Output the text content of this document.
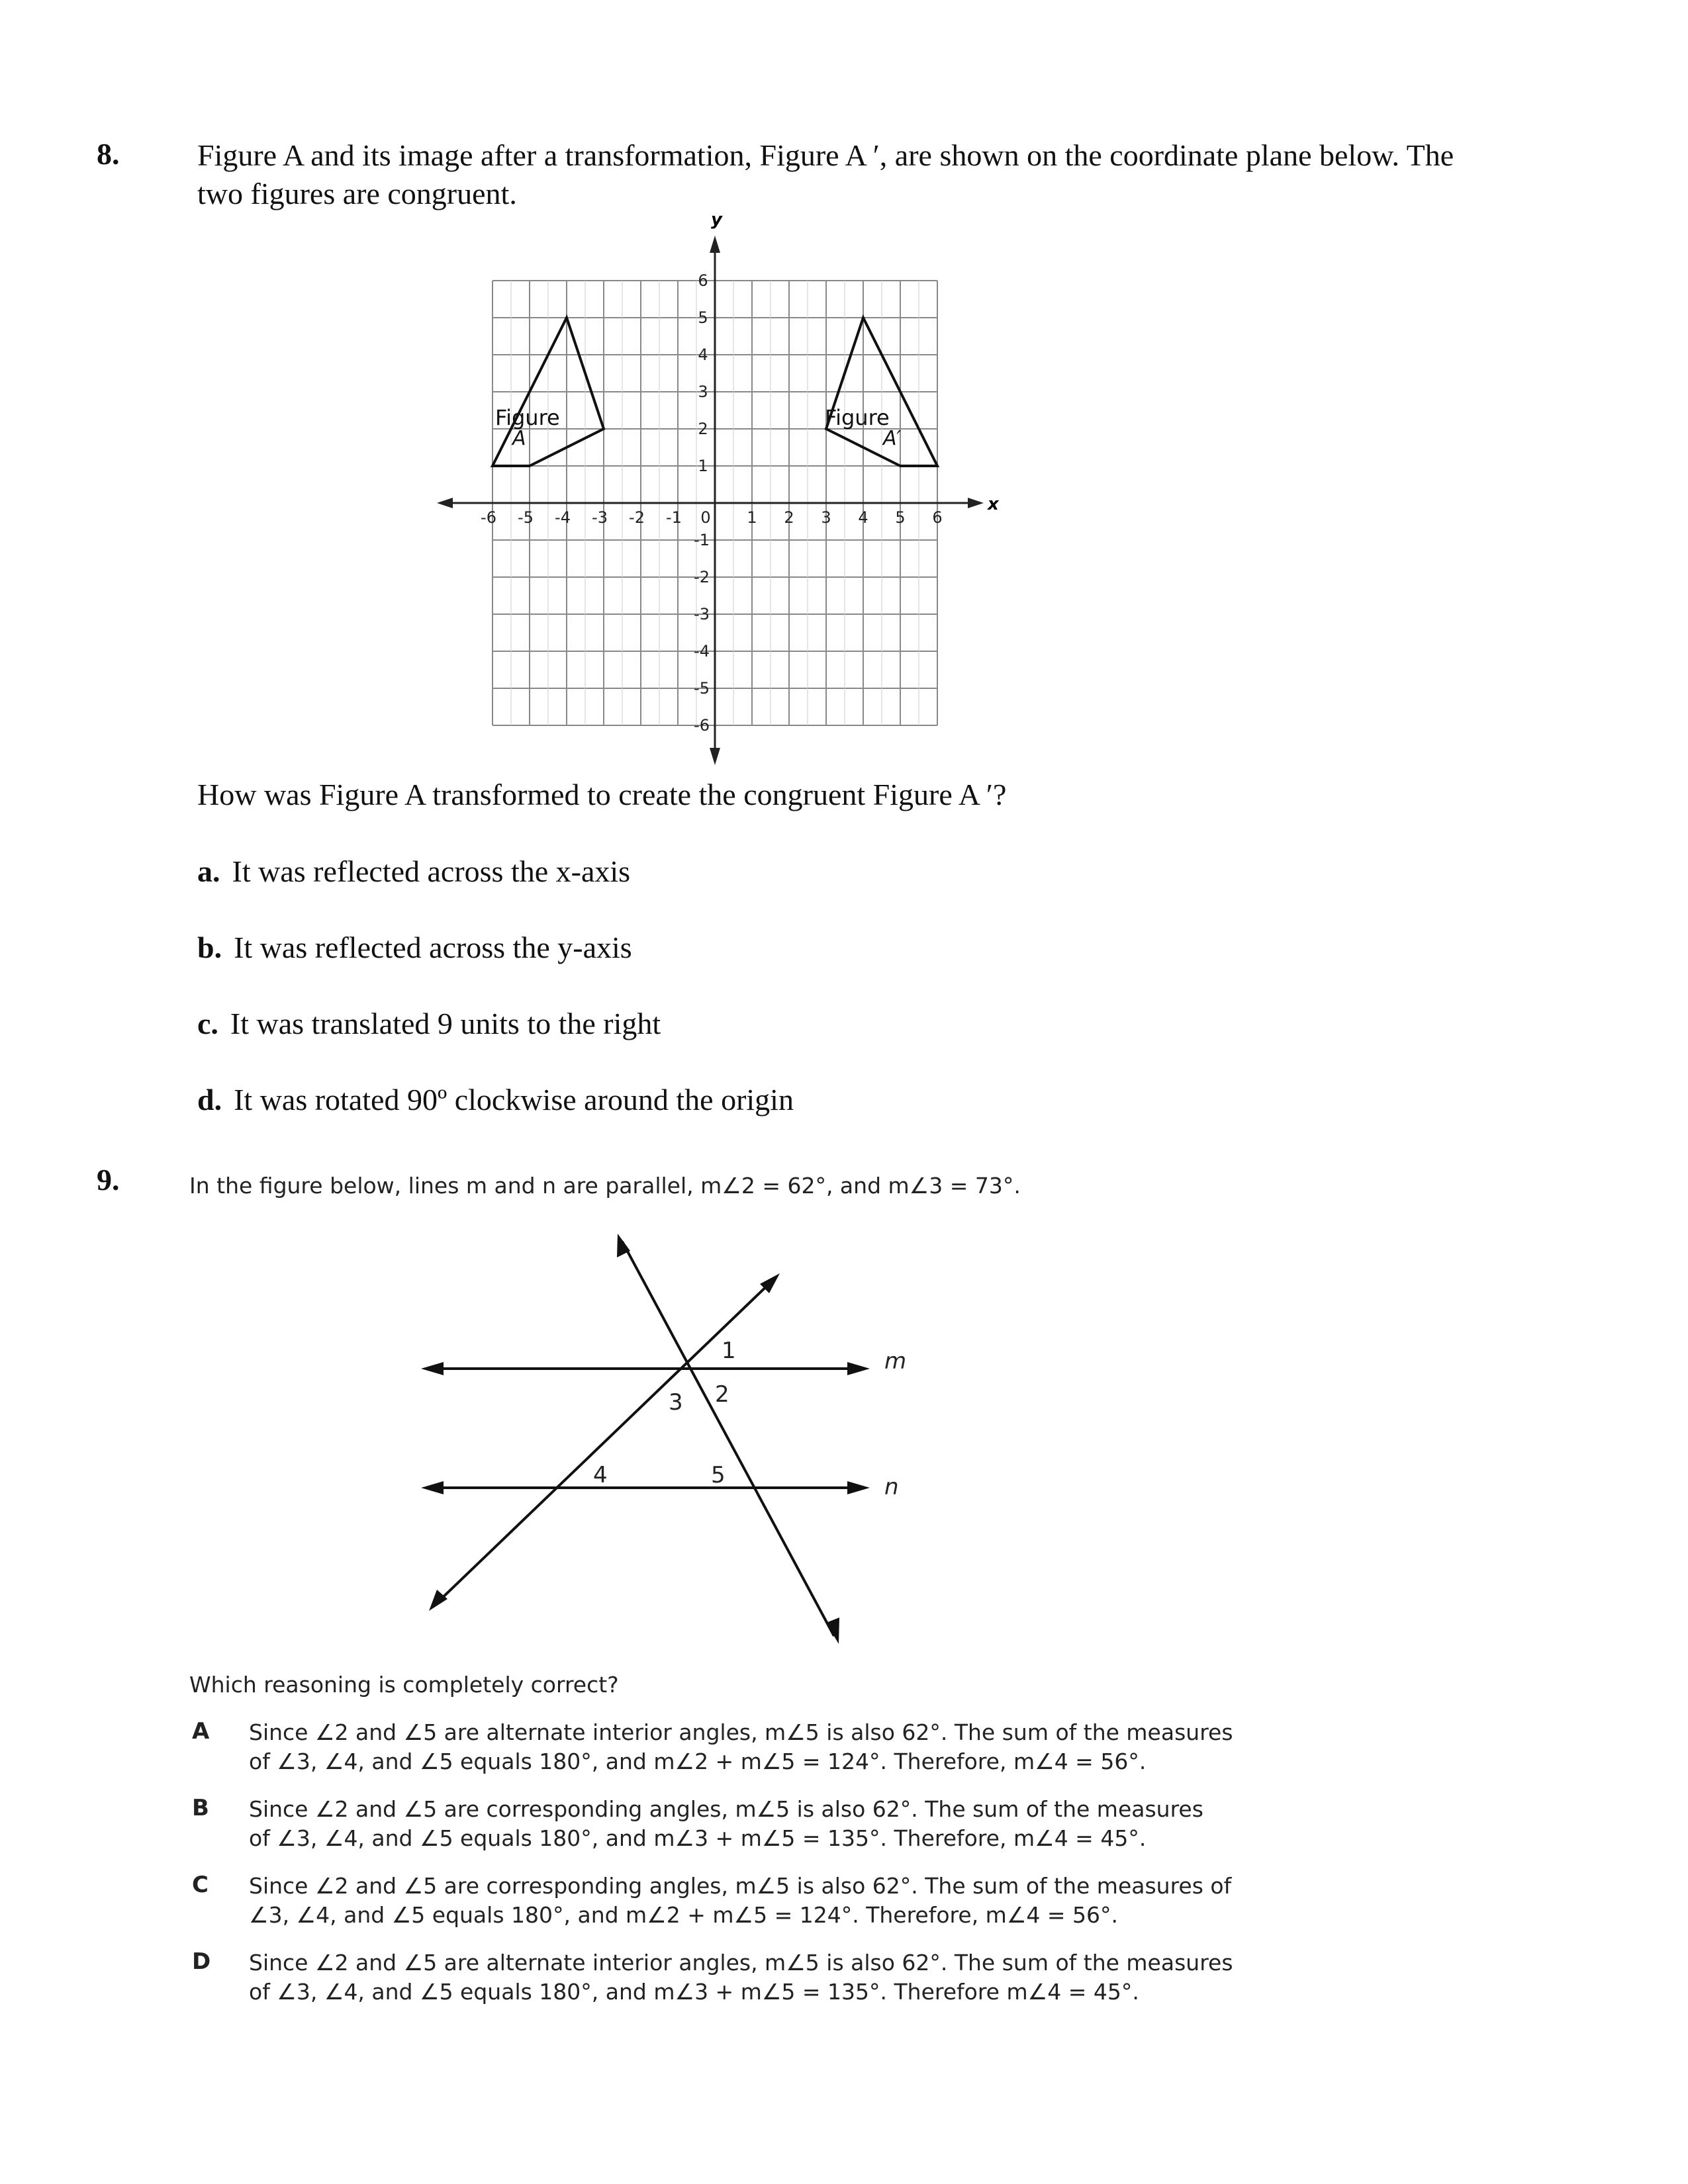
8.	Figure A and its image after a transformation, Figure A ′, are shown on the coordinate plane below. The
two figures are congruent.
y
x
-6 -5 -4 -3 -2 -1 0 1 2 3 4 5 6
1
2
3
4
5
6
-1
-2
-3
-4
-5
-6
Figure
A
Figure
A′
How was Figure A transformed to create the congruent Figure A ′?
a. It was reflected across the x-axis
b. It was reflected across the y-axis
c. It was translated 9 units to the right
d. It was rotated 90º clockwise around the origin
9.	In the figure below, lines m and n are parallel, m∠2 = 62°, and m∠3 = 73°.
m
n
1
2
3
4	5
Which reasoning is completely correct?
A Since ∠2 and ∠5 are alternate interior angles, m∠5 is also 62°. The sum of the measures
of ∠3, ∠4, and ∠5 equals 180°, and m∠2 + m∠5 = 124°. Therefore, m∠4 = 56°.
B Since ∠2 and ∠5 are corresponding angles, m∠5 is also 62°. The sum of the measures
of ∠3, ∠4, and ∠5 equals 180°, and m∠3 + m∠5 = 135°. Therefore, m∠4 = 45°.
C Since ∠2 and ∠5 are corresponding angles, m∠5 is also 62°. The sum of the measures of
∠3, ∠4, and ∠5 equals 180°, and m∠2 + m∠5 = 124°. Therefore, m∠4 = 56°.
D Since ∠2 and ∠5 are alternate interior angles, m∠5 is also 62°. The sum of the measures
of ∠3, ∠4, and ∠5 equals 180°, and m∠3 + m∠5 = 135°. Therefore m∠4 = 45°.
